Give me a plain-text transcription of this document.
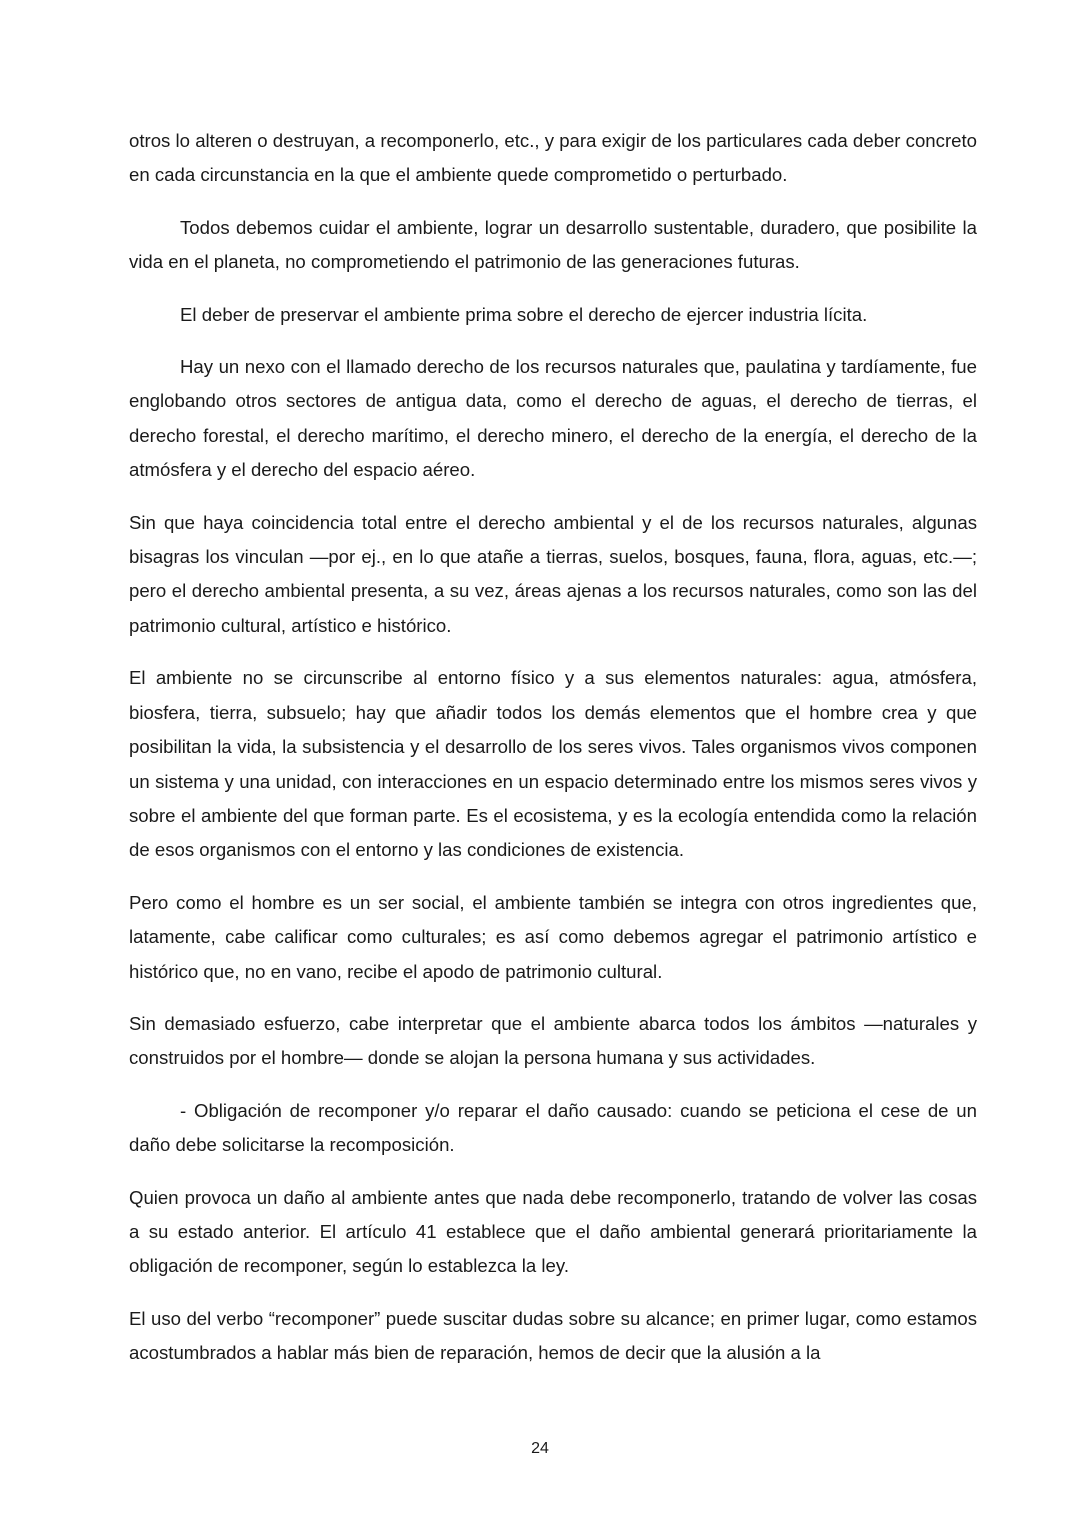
otros lo alteren o destruyan, a recomponerlo, etc., y para exigir de los particulares cada deber concreto en cada circunstancia en la que el ambiente quede comprometido o perturbado.

Todos debemos cuidar el ambiente, lograr un desarrollo sustentable, duradero, que posibilite la vida en el planeta, no comprometiendo el patrimonio de las generaciones futuras.

El deber de preservar el ambiente prima sobre el derecho de ejercer industria lícita.

Hay un nexo con el llamado derecho de los recursos naturales que, paulatina y tardíamente, fue englobando otros sectores de antigua data, como el derecho de aguas, el derecho de tierras, el derecho forestal, el derecho marítimo, el derecho minero, el derecho de la energía, el derecho de la atmósfera y el derecho del espacio aéreo.

Sin que haya coincidencia total entre el derecho ambiental y el de los recursos naturales, algunas bisagras los vinculan —por ej., en lo que atañe a tierras, suelos, bosques, fauna, flora, aguas, etc.—; pero el derecho ambiental presenta, a su vez, áreas ajenas a los recursos naturales, como son las del patrimonio cultural, artístico e histórico.

El ambiente no se circunscribe al entorno físico y a sus elementos naturales: agua, atmósfera, biosfera, tierra, subsuelo; hay que añadir todos los demás elementos que el hombre crea y que posibilitan la vida, la subsistencia y el desarrollo de los seres vivos. Tales organismos vivos componen un sistema y una unidad, con interacciones en un espacio determinado entre los mismos seres vivos y sobre el ambiente del que forman parte. Es el ecosistema, y es la ecología entendida como la relación de esos organismos con el entorno y las condiciones de existencia.

Pero como el hombre es un ser social, el ambiente también se integra con otros ingredientes que, latamente, cabe calificar como culturales; es así como debemos agregar el patrimonio artístico e histórico que, no en vano, recibe el apodo de patrimonio cultural.

Sin demasiado esfuerzo, cabe interpretar que el ambiente abarca todos los ámbitos —naturales y construidos por el hombre— donde se alojan la persona humana y sus actividades.

- Obligación de recomponer y/o reparar el daño causado: cuando se peticiona el cese de un daño debe solicitarse la recomposición.

Quien provoca un daño al ambiente antes que nada debe recomponerlo, tratando de volver las cosas a su estado anterior. El artículo 41 establece que el daño ambiental generará prioritariamente la obligación de recomponer, según lo establezca la ley.

El uso del verbo “recomponer” puede suscitar dudas sobre su alcance; en primer lugar, como estamos acostumbrados a hablar más bien de reparación, hemos de decir que la alusión a la

24
